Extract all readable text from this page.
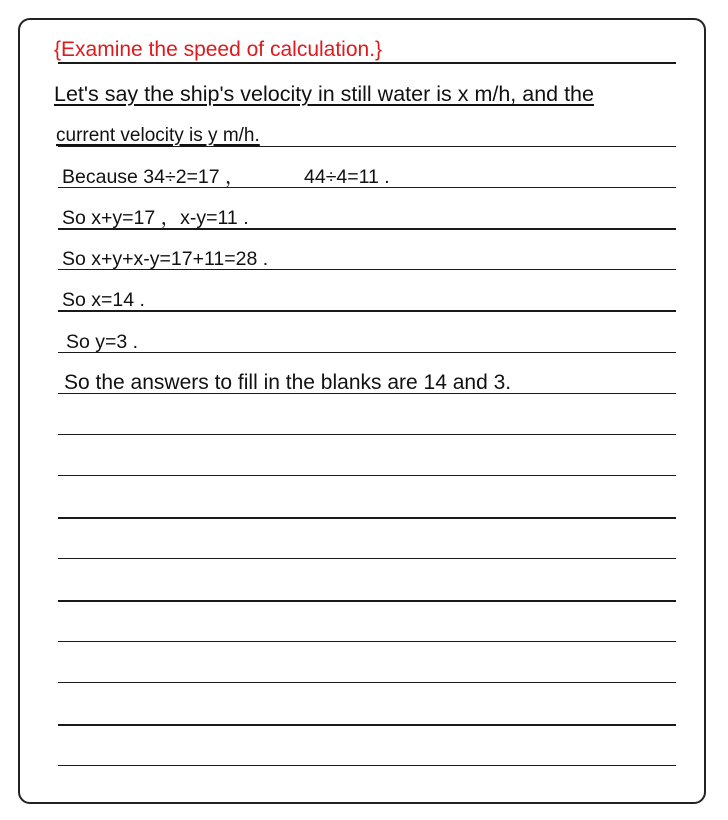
{Examine the speed of calculation.}
Let's say the ship's velocity in still water is x m/h, and the
current velocity is y m/h.
Because 34÷2=17 ，	44÷4=11 .
So x+y=17 ，x-y=11 .
So x+y+x-y=17+11=28 .
So x=14 .
So y=3 .
So the answers to fill in the blanks are 14 and 3.
